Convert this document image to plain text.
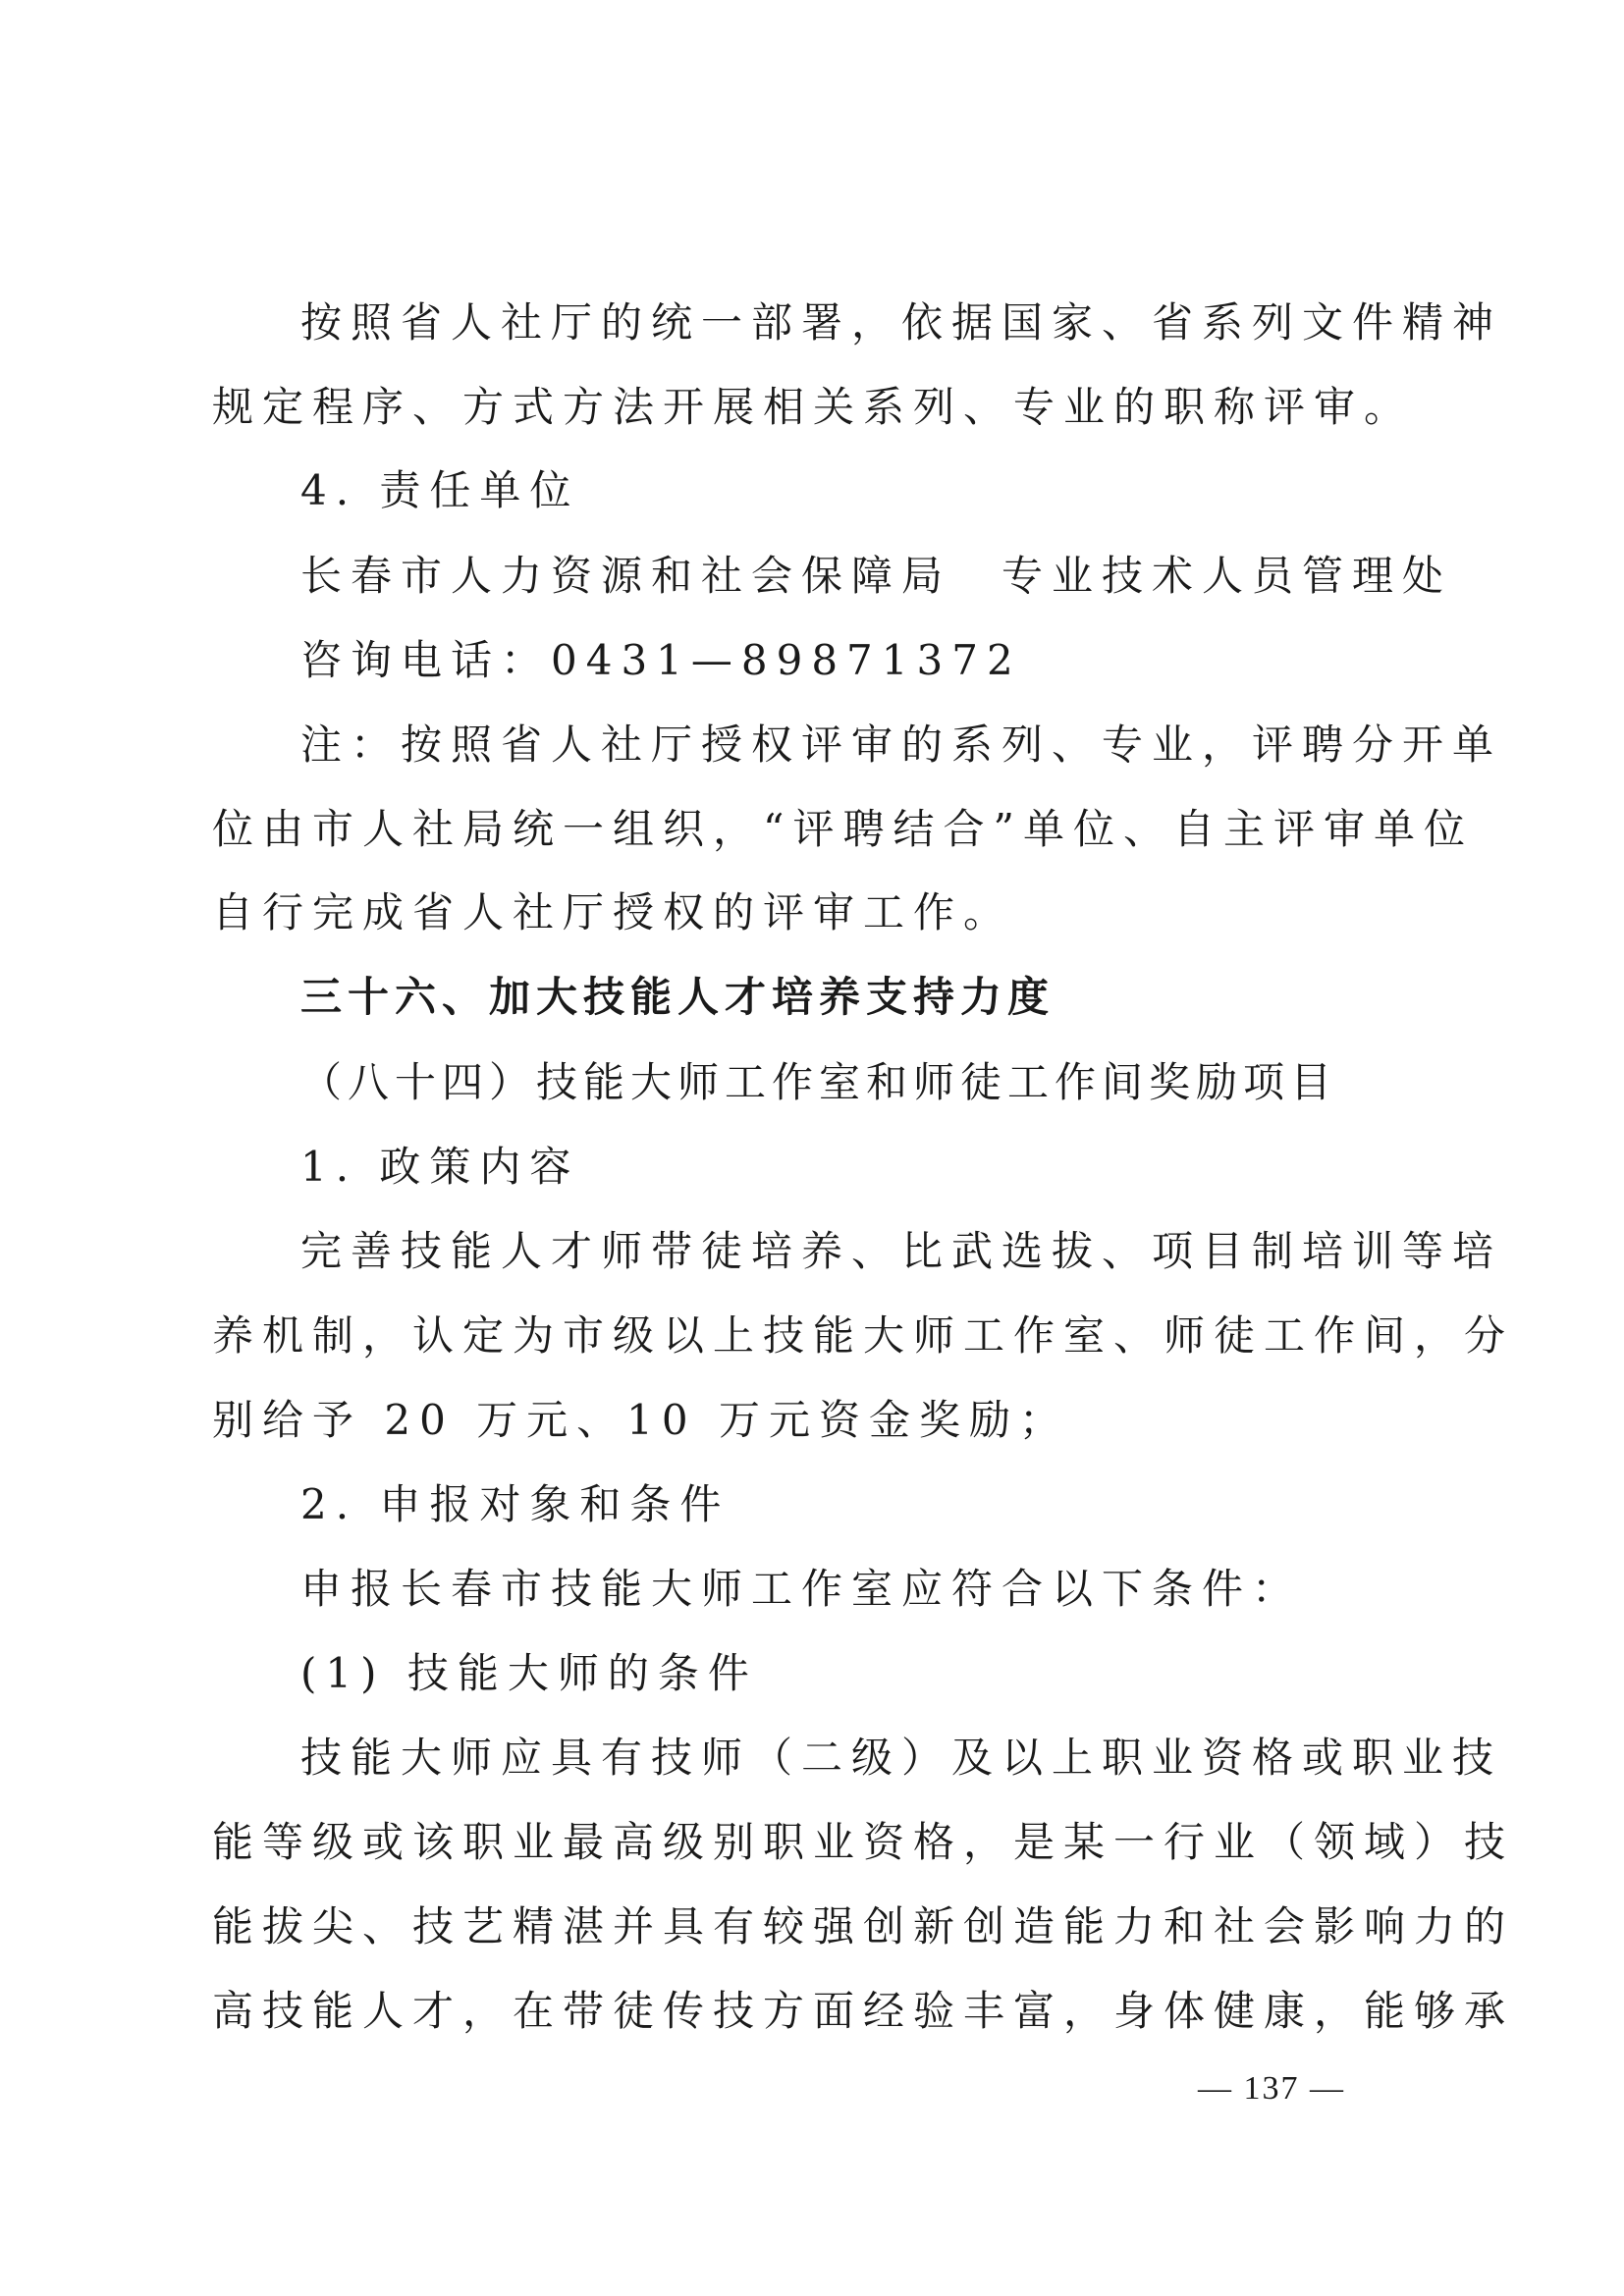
按照省人社厅的统一部署，依据国家、省系列文件精神
规定程序、方式方法开展相关系列、专业的职称评审。
4. 责任单位
长春市人力资源和社会保障局　专业技术人员管理处
咨询电话：0431—89871372
注：按照省人社厅授权评审的系列、专业，评聘分开单
位由市人社局统一组织，“评聘结合”单位、自主评审单位
自行完成省人社厅授权的评审工作。
三十六、加大技能人才培养支持力度
（八十四）技能大师工作室和师徒工作间奖励项目
1. 政策内容
完善技能人才师带徒培养、比武选拔、项目制培训等培
养机制，认定为市级以上技能大师工作室、师徒工作间，分
别给予 20 万元、10 万元资金奖励；
2. 申报对象和条件
申报长春市技能大师工作室应符合以下条件：
(1) 技能大师的条件
技能大师应具有技师（二级）及以上职业资格或职业技
能等级或该职业最高级别职业资格，是某一行业（领域）技
能拔尖、技艺精湛并具有较强创新创造能力和社会影响力的
高技能人才，在带徒传技方面经验丰富，身体健康，能够承
— 137 —
